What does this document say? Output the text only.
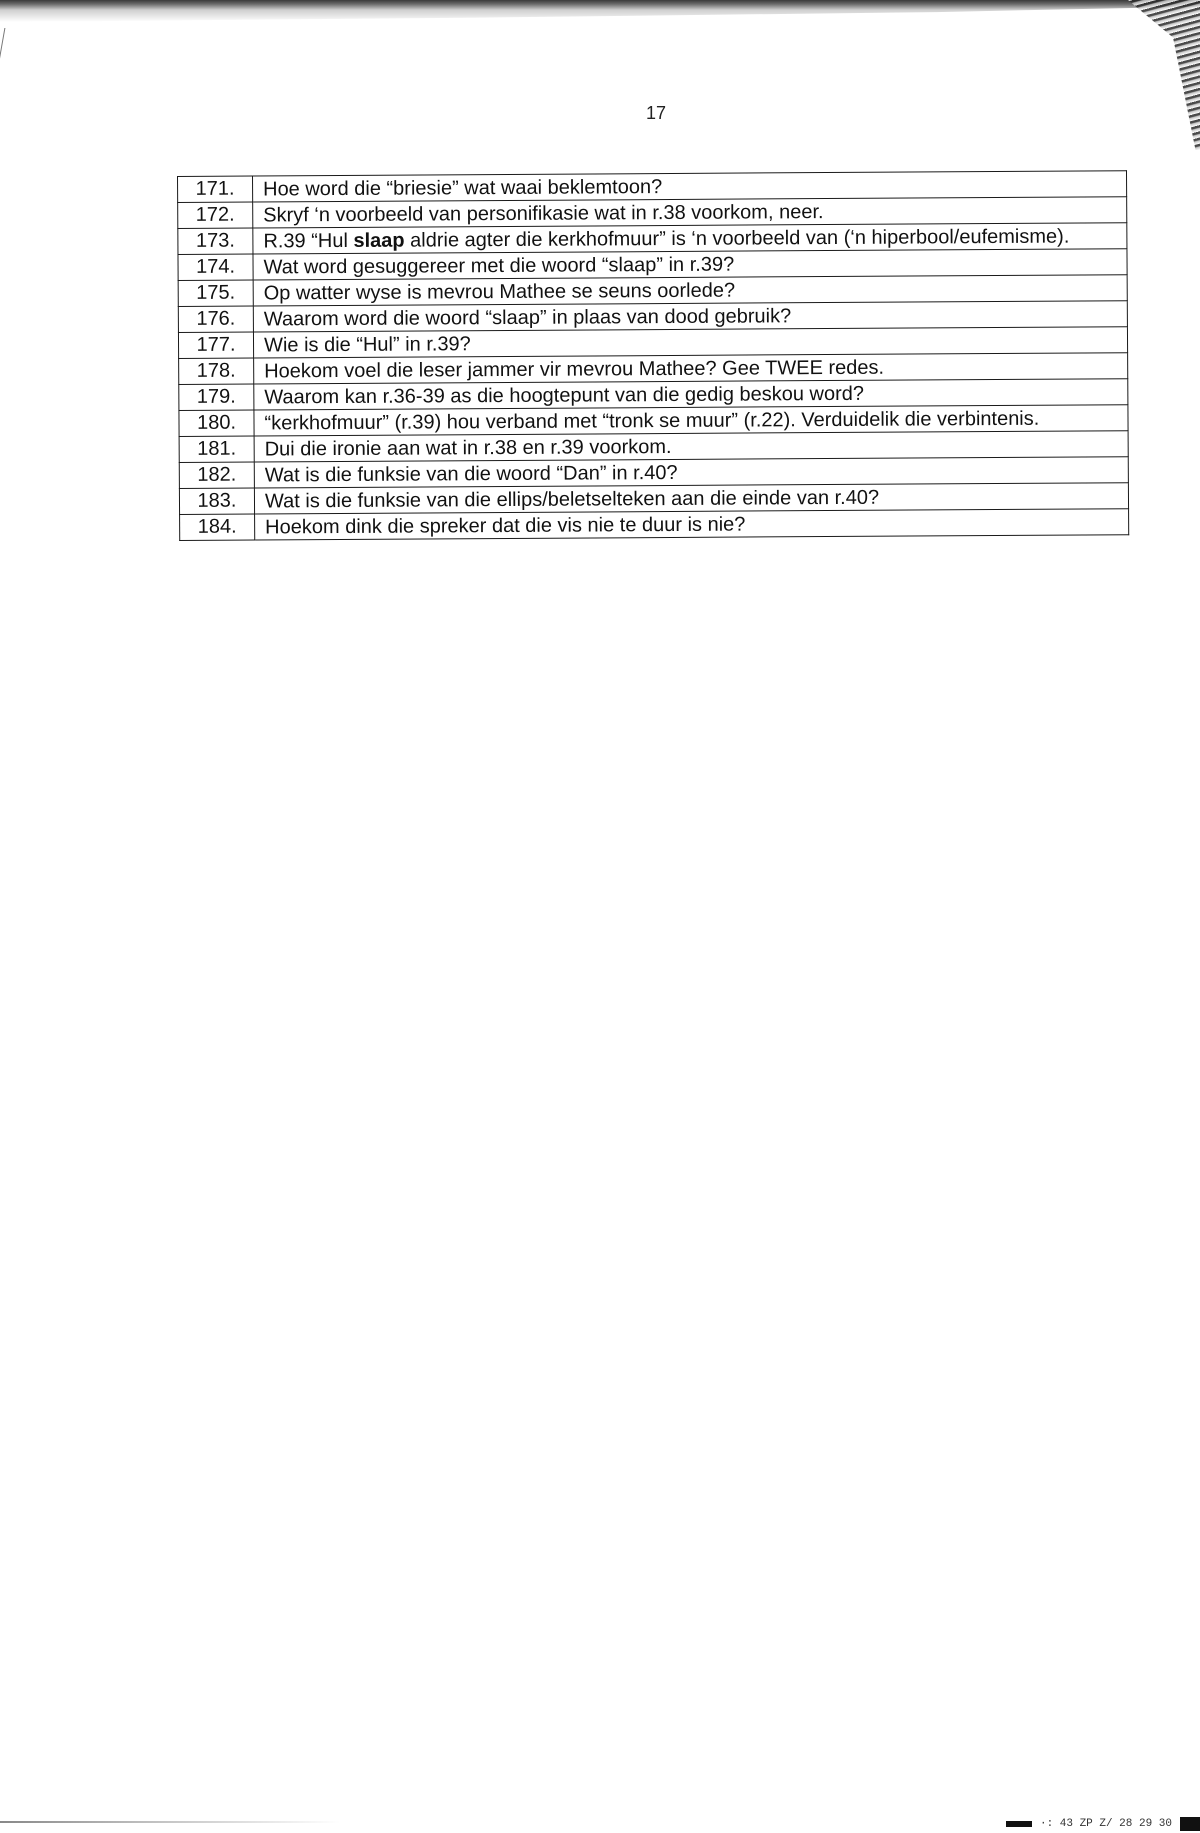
17
171.	Hoe word die “briesie” wat waai beklemtoon?
172.	Skryf ‘n voorbeeld van personifikasie wat in r.38 voorkom, neer.
173.	R.39 “Hul slaap aldrie agter die kerkhofmuur” is ‘n voorbeeld van (‘n hiperbool/eufemisme).
174.	Wat word gesuggereer met die woord “slaap” in r.39?
175.	Op watter wyse is mevrou Mathee se seuns oorlede?
176.	Waarom word die woord “slaap” in plaas van dood gebruik?
177.	Wie is die “Hul” in r.39?
178.	Hoekom voel die leser jammer vir mevrou Mathee? Gee TWEE redes.
179.	Waarom kan r.36-39 as die hoogtepunt van die gedig beskou word?
180.	“kerkhofmuur” (r.39) hou verband met “tronk se muur” (r.22). Verduidelik die verbintenis.
181.	Dui die ironie aan wat in r.38 en r.39 voorkom.
182.	Wat is die funksie van die woord “Dan” in r.40?
183.	Wat is die funksie van die ellips/beletselteken aan die einde van r.40?
184.	Hoekom dink die spreker dat die vis nie te duur is nie?
·: 43 ZP Z/ 28 29 30
